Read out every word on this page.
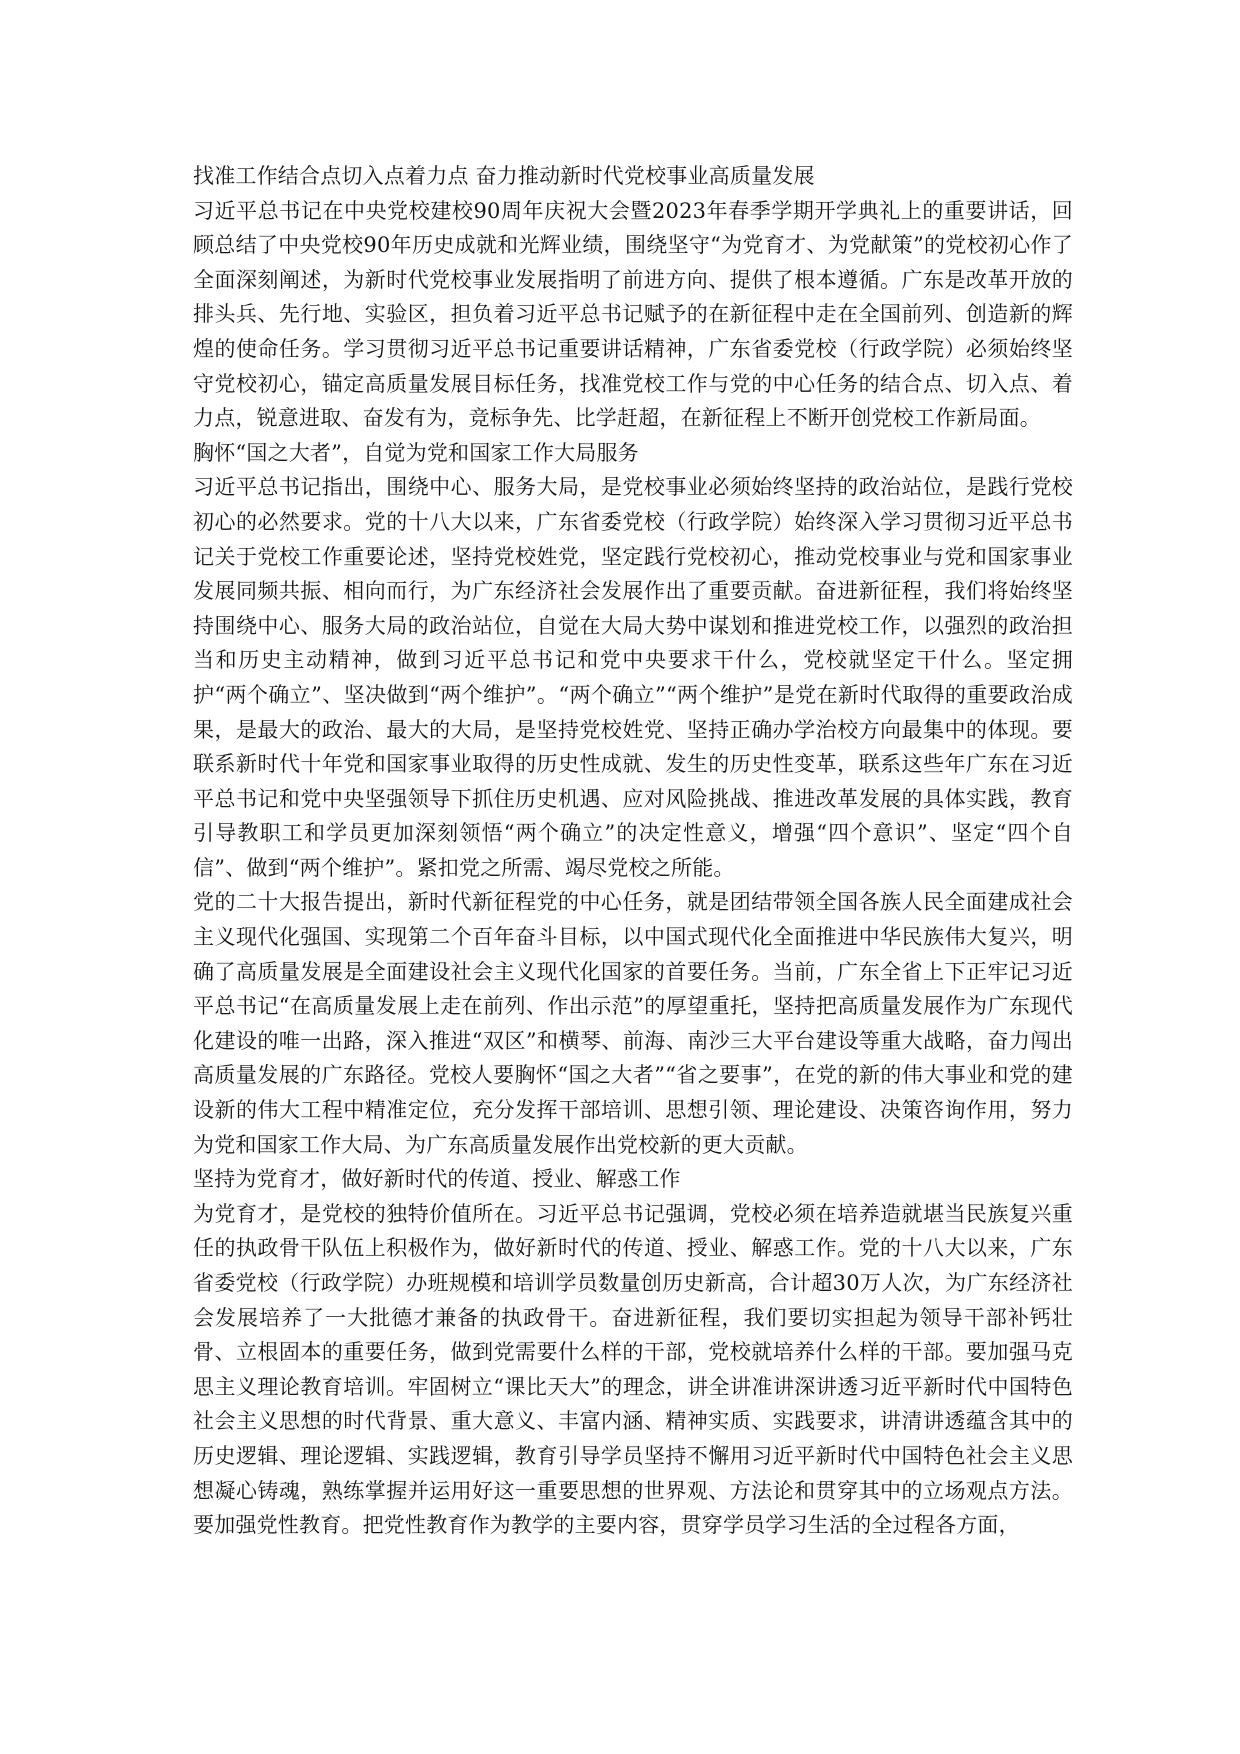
找准工作结合点切入点着力点 奋力推动新时代党校事业高质量发展

习近平总书记在中央党校建校90周年庆祝大会暨2023年春季学期开学典礼上的重要讲话，回顾总结了中央党校90年历史成就和光辉业绩，围绕坚守“为党育才、为党献策”的党校初心作了全面深刻阐述，为新时代党校事业发展指明了前进方向、提供了根本遵循。广东是改革开放的排头兵、先行地、实验区，担负着习近平总书记赋予的在新征程中走在全国前列、创造新的辉煌的使命任务。学习贯彻习近平总书记重要讲话精神，广东省委党校（行政学院）必须始终坚守党校初心，锚定高质量发展目标任务，找准党校工作与党的中心任务的结合点、切入点、着力点，锐意进取、奋发有为，竞标争先、比学赶超，在新征程上不断开创党校工作新局面。

胸怀“国之大者”，自觉为党和国家工作大局服务

习近平总书记指出，围绕中心、服务大局，是党校事业必须始终坚持的政治站位，是践行党校初心的必然要求。党的十八大以来，广东省委党校（行政学院）始终深入学习贯彻习近平总书记关于党校工作重要论述，坚持党校姓党，坚定践行党校初心，推动党校事业与党和国家事业发展同频共振、相向而行，为广东经济社会发展作出了重要贡献。奋进新征程，我们将始终坚持围绕中心、服务大局的政治站位，自觉在大局大势中谋划和推进党校工作，以强烈的政治担当和历史主动精神，做到习近平总书记和党中央要求干什么，党校就坚定干什么。坚定拥护“两个确立”、坚决做到“两个维护”。“两个确立”“两个维护”是党在新时代取得的重要政治成果，是最大的政治、最大的大局，是坚持党校姓党、坚持正确办学治校方向最集中的体现。要联系新时代十年党和国家事业取得的历史性成就、发生的历史性变革，联系这些年广东在习近平总书记和党中央坚强领导下抓住历史机遇、应对风险挑战、推进改革发展的具体实践，教育引导教职工和学员更加深刻领悟“两个确立”的决定性意义，增强“四个意识”、坚定“四个自信”、做到“两个维护”。紧扣党之所需、竭尽党校之所能。

党的二十大报告提出，新时代新征程党的中心任务，就是团结带领全国各族人民全面建成社会主义现代化强国、实现第二个百年奋斗目标，以中国式现代化全面推进中华民族伟大复兴，明确了高质量发展是全面建设社会主义现代化国家的首要任务。当前，广东全省上下正牢记习近平总书记“在高质量发展上走在前列、作出示范”的厚望重托，坚持把高质量发展作为广东现代化建设的唯一出路，深入推进“双区”和横琴、前海、南沙三大平台建设等重大战略，奋力闯出高质量发展的广东路径。党校人要胸怀“国之大者”“省之要事”，在党的新的伟大事业和党的建设新的伟大工程中精准定位，充分发挥干部培训、思想引领、理论建设、决策咨询作用，努力为党和国家工作大局、为广东高质量发展作出党校新的更大贡献。

坚持为党育才，做好新时代的传道、授业、解惑工作

为党育才，是党校的独特价值所在。习近平总书记强调，党校必须在培养造就堪当民族复兴重任的执政骨干队伍上积极作为，做好新时代的传道、授业、解惑工作。党的十八大以来，广东省委党校（行政学院）办班规模和培训学员数量创历史新高，合计超30万人次，为广东经济社会发展培养了一大批德才兼备的执政骨干。奋进新征程，我们要切实担起为领导干部补钙壮骨、立根固本的重要任务，做到党需要什么样的干部，党校就培养什么样的干部。要加强马克思主义理论教育培训。牢固树立“课比天大”的理念，讲全讲准讲深讲透习近平新时代中国特色社会主义思想的时代背景、重大意义、丰富内涵、精神实质、实践要求，讲清讲透蕴含其中的历史逻辑、理论逻辑、实践逻辑，教育引导学员坚持不懈用习近平新时代中国特色社会主义思想凝心铸魂，熟练掌握并运用好这一重要思想的世界观、方法论和贯穿其中的立场观点方法。要加强党性教育。把党性教育作为教学的主要内容，贯穿学员学习生活的全过程各方面，
